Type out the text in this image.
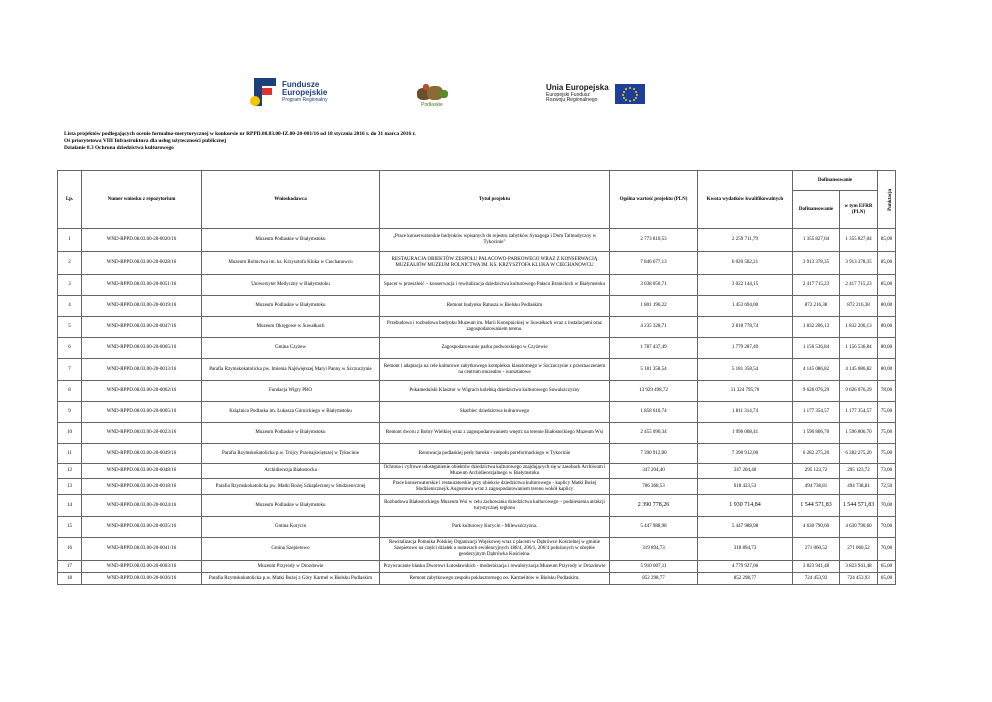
Fundusze
Europejskie
Program Regionalny
Podlaskie
Unia Europejska
Europejski Fundusz
Rozwoju Regionalnego
Lista projektów podlegających ocenie formalno-merytorycznej w konkursie nr RPPD.08.03.00-IZ.00-20-001/16 od 18 stycznia 2016 r. do 31 marca 2016 r.
Oś priorytetowa VIII Infrastruktura dla usług użyteczności publicznej
Działanie 8.3 Ochrona dziedzictwa kulturowego
Lp.	Numer wniosku z repozytorium	Wnioskodawca	Tytuł projektu	Ogólna wartość projektu (PLN)	Kwota wydatków kwalifikowalnych	Dofinansowanie		Punktacja
						Dofinansowanie	w tym EFRR (PLN)	
1	WND-RPPD.08.03.00-20-0020/16	Muzeum Podlaskie w Białymstoku	„Prace konserwatorskie budynków wpisanych do rejestru zabytków Synagoga i Dom Talmudyczny w Tykocinie"	2 773 810,53	2 259 711,79	1 355 827,04	1 355 827,04	85,00
2	WND-RPPD.08.03.00-20-0028/16	Muzeum Rolnictwa im. ks. Krzysztofa Kluka w Ciechanowcu	RESTAURACJA OBIEKTÓW ZESPOŁU PAŁACOWO-PARKOWEGO WRAZ Z KONSERWACJĄ MUZEALIÓW MUZEUM ROLNICTWA IM. KS. KRZYSZTOFA KLUKA W CIECHANOWCU	7 846 677,13	6 020 582,21	3 913 378,35	3 913 378,35	85,00
3	WND-RPPD.08.03.00-20-0051/16	Uniwersytet Medyczny w Białymstoku	Spacer w przeszłość – konserwacja i rewitalizacja dziedzictwa kulturowego Pałacu Branickich w Białymstoku	3 038 050,71	3 022 144,15	2 417 715,23	2 417 715,23	85,00
4	WND-RPPD.08.03.00-20-0019/16	Muzeum Podlaskie w Białymstoku	Remont budynku Ratusza w Bielsku Podlaskim	1 801 196,22	1 453 694,00	872 216,38	872 216,38	80,00
5	WND-RPPD.08.03.00-20-0047/16	Muzeum Okręgowe w Suwałkach	Przebudowa i rozbudowa budynku Muzeum im. Marii Konopnickiej w Suwałkach wraz z instalacjami oraz zagospodarowaniem terenu.	4 235 328,71	2 818 778,74	1 832 206,13	1 832 206,13	80,00
6	WND-RPPD.08.03.00-20-0065/16	Gmina Czyżew	Zagospodarowanie parku podworskiego w Czyżewie	1 787 437,49	1 779 287,49	1 156 536,84	1 156 536,84	80,00
7	WND-RPPD.08.03.00-20-0013/16	Parafia Rzymskokatolicka pw. Imienia Najświętszej Maryi Panny w Szczuczynie	Remont i adaptacja na cele kulturowe zabytkowego kompleksu klasztornego w Szczuczynie z przeznaczeniem na centrum muzealno - warsztatowe	5 181 358,54	5 181 358,54	4 145 086,82	4 145 086,82	80,00
8	WND-RPPD.08.03.00-20-0062/16	Fundacja Wigry PRO	Pokamedulski Klasztor w Wigrach kolebką dziedzictwa kulturowego Suwalszczyzny	13 929 498,72	11 324 795,70	9 626 076,29	9 626 076,29	78,00
9	WND-RPPD.08.03.00-20-0005/16	Książnica Podlaska im. Łukasza Górnickiego w Białymstoku	Skarbiec dziedzictwa kulturowego	1 858 610,74	1 811 314,74	1 177 354,57	1 177 354,57	75,00
10	WND-RPPD.08.03.00-20-0023/16	Muzeum Podlaskie w Białymstoku	Remont dworu z Bobry Wielkiej wraz z zagospodarowaniem wnętrz na terenie Białostockiego Muzeum Wsi	2 455 090,34	1 996 008,41	1 596 806,70	1 596 806,70	75,00
11	WND-RPPD.08.03.00-20-0049/16	Parafia Rzymskokatolicka p.w. Trójcy Przenajświętszej w Tykocinie	Renowacja podlaskiej perły baroku - zespołu poreformackiego w Tykocinie	7 390 912,00	7 390 912,00	6 282 275,20	6 282 275,20	75,00
12	WND-RPPD.08.03.00-20-0048/16	Archidiecezja Białostocka	Ochrona i cyfrowe udostępnienie obiektów dziedzictwa kulturowego znajdujących się w zasobach Archiwum i Muzeum Archidiecezjalnego w Białymstoku	347 204,40	347 204,40	295 123,72	295 123,72	73,00
13	WND-RPPD.08.03.00-20-0018/16	Parafia Rzymskokatolicka pw. Matki Bożej Szkaplerznej w Studzienicznej	Prace konserwatorskie i restauratorskie przy obiekcie dziedzictwa kulturowego - kaplicy Matki Bożej Studzienicznej/k.Augustowa wraz z zagospodarowaniem terenu wokół kaplicy	706 368,53	618 423,53	494 738,81	494 738,81	72,50
14	WND-RPPD.08.03.00-20-0024/16	Muzeum Podlaskie w Białymstoku	Rozbudowa Białostockiego Muzeum Wsi w celu zachowania dziedzictwa kulturowego – podniesienia atrakcji turystycznej regionu	2 390 778,26	1 930 714,84	1 544 571,83	1 544 571,83	70,00
15	WND-RPPD.08.03.00-20-0035/16	Gmina Korycin	Park kulturowy Korycin - Milewszczyzna.	5 447 988,98	5 447 988,98	4 630 790,60	4 630 790,60	70,00
16	WND-RPPD.08.03.00-20-0041/16	Gmina Szepietowo	Rewitalizacja Pomnika Polskiej Organizacji Wojskowej wraz z placem w Dąbrówce Kościelnej w gminie Szepietowo na części działek o numerach ewidencyjnych 188/4, 206/1, 206/4 położonych w obrębie geodezyjnym Dąbrówka Kościelna.	319 894,73	318 894,73	271 060,52	271 060,52	70,00
17	WND-RPPD.08.03.00-20-0003/16	Muzeum Przyrody w Drozdowie	Przywracanie blasku Dworowi Łutosławskich - modernizacja i rewaloryzacja Muzeum Przyrody w Drozdowie	5 910 007,11	4 779 927,06	3 823 941,48	3 823 941,48	65,00
18	WND-RPPD.08.03.00-20-0036/16	Parafia Rzymskokatolicka p.w. Matki Bożej z Góry Karmel w Bielsku Podlaskim	Remont zabytkowego zespołu poklasztornego oo. Karmelitów w Bielsku Podlaskim.	852 298,77	852 298,77	724 453,93	724 453,93	65,00
